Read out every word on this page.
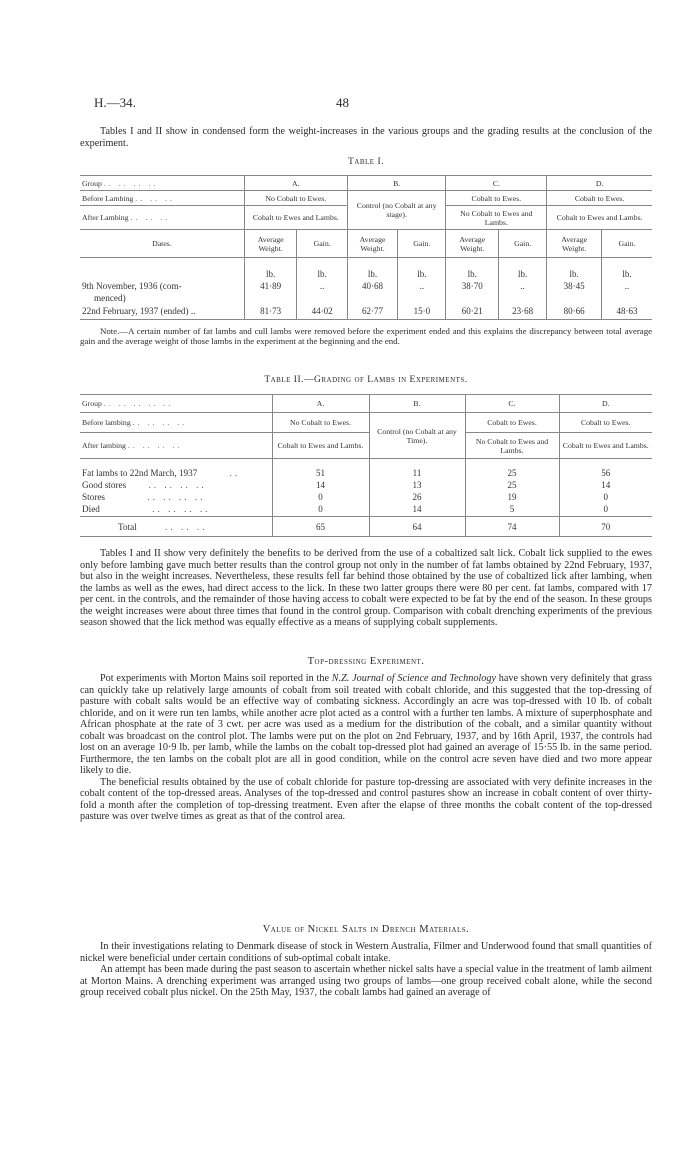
H.—34.	48

Tables I and II show in condensed form the weight-increases in the various groups and the grading results at the conclusion of the experiment.

Table I.
Group .. .. .. ..	A.		B.		C.		D.	
Before Lambing .. .. ..	No Cobalt to Ewes.		Control (no Cobalt at any stage).		Cobalt to Ewes.		Cobalt to Ewes.	
After Lambing .. .. ..	Cobalt to Ewes and Lambs.				No Cobalt to Ewes and Lambs.		Cobalt to Ewes and Lambs.	
Dates.	Average Weight.	Gain.	Average Weight.	Gain.	Average Weight.	Gain.	Average Weight.	Gain.
	lb.	lb.	lb.	lb.	lb.	lb.	lb.	lb.
9th November, 1936 (com-	41·89	..	40·68	..	38·70	..	38·45	..
menced)								
22nd February, 1937 (ended) ..	81·73	44·02	62·77	15·0	60·21	23·68	80·66	48·63

Note.—A certain number of fat lambs and cull lambs were removed before the experiment ended and this explains the discrepancy between total average gain and the average weight of those lambs in the experiment at the beginning and the end.

Table II.—Grading of Lambs in Experiments.
Group .. .. .. .. ..	A.	B.	C.	D.
Before lambing .. .. .. ..	No Cobalt to Ewes.	Control (no Cobalt at any Time).	Cobalt to Ewes.	Cobalt to Ewes.
After lambing .. .. .. ..	Cobalt to Ewes and Lambs.		No Cobalt to Ewes and Lambs.	Cobalt to Ewes and Lambs.
Fat lambs to 22nd March, 1937 ..	51	11	25	56
Good stores .. .. .. ..	14	13	25	14
Stores .. .. .. ..	0	26	19	0
Died .. .. .. ..	0	14	5	0
Total .. .. ..	65	64	74	70

Tables I and II show very definitely the benefits to be derived from the use of a cobaltized salt lick. Cobalt lick supplied to the ewes only before lambing gave much better results than the control group not only in the number of fat lambs obtained by 22nd February, 1937, but also in the weight increases. Nevertheless, these results fell far behind those obtained by the use of cobaltized lick after lambing, when the lambs as well as the ewes, had direct access to the lick. In these two latter groups there were 80 per cent. fat lambs, compared with 17 per cent. in the controls, and the remainder of those having access to cobalt were expected to be fat by the end of the season. In these groups the weight increases were about three times that found in the control group. Comparison with cobalt drenching experiments of the previous season showed that the lick method was equally effective as a means of supplying cobalt supplements.

Top-dressing Experiment.

Pot experiments with Morton Mains soil reported in the N.Z. Journal of Science and Technology have shown very definitely that grass can quickly take up relatively large amounts of cobalt from soil treated with cobalt chloride, and this suggested that the top-dressing of pasture with cobalt salts would be an effective way of combating sickness. Accordingly an acre was top-dressed with 10 lb. of cobalt chloride, and on it were run ten lambs, while another acre plot acted as a control with a further ten lambs. A mixture of superphosphate and African phosphate at the rate of 3 cwt. per acre was used as a medium for the distribution of the cobalt, and a similar quantity without cobalt was broadcast on the control plot. The lambs were put on the plot on 2nd February, 1937, and by 16th April, 1937, the controls had lost on an average 10·9 lb. per lamb, while the lambs on the cobalt top-dressed plot had gained an average of 15·55 lb. in the same period. Furthermore, the ten lambs on the cobalt plot are all in good condition, while on the control acre seven have died and two more appear likely to die.

The beneficial results obtained by the use of cobalt chloride for pasture top-dressing are associated with very definite increases in the cobalt content of the top-dressed areas. Analyses of the top-dressed and control pastures show an increase in cobalt content of over thirty-fold a month after the completion of top-dressing treatment. Even after the elapse of three months the cobalt content of the top-dressed pasture was over twelve times as great as that of the control area.

Value of Nickel Salts in Drench Materials.

In their investigations relating to Denmark disease of stock in Western Australia, Filmer and Underwood found that small quantities of nickel were beneficial under certain conditions of sub-optimal cobalt intake.

An attempt has been made during the past season to ascertain whether nickel salts have a special value in the treatment of lamb ailment at Morton Mains. A drenching experiment was arranged using two groups of lambs—one group received cobalt alone, while the second group received cobalt plus nickel. On the 25th May, 1937, the cobalt lambs had gained an average of
